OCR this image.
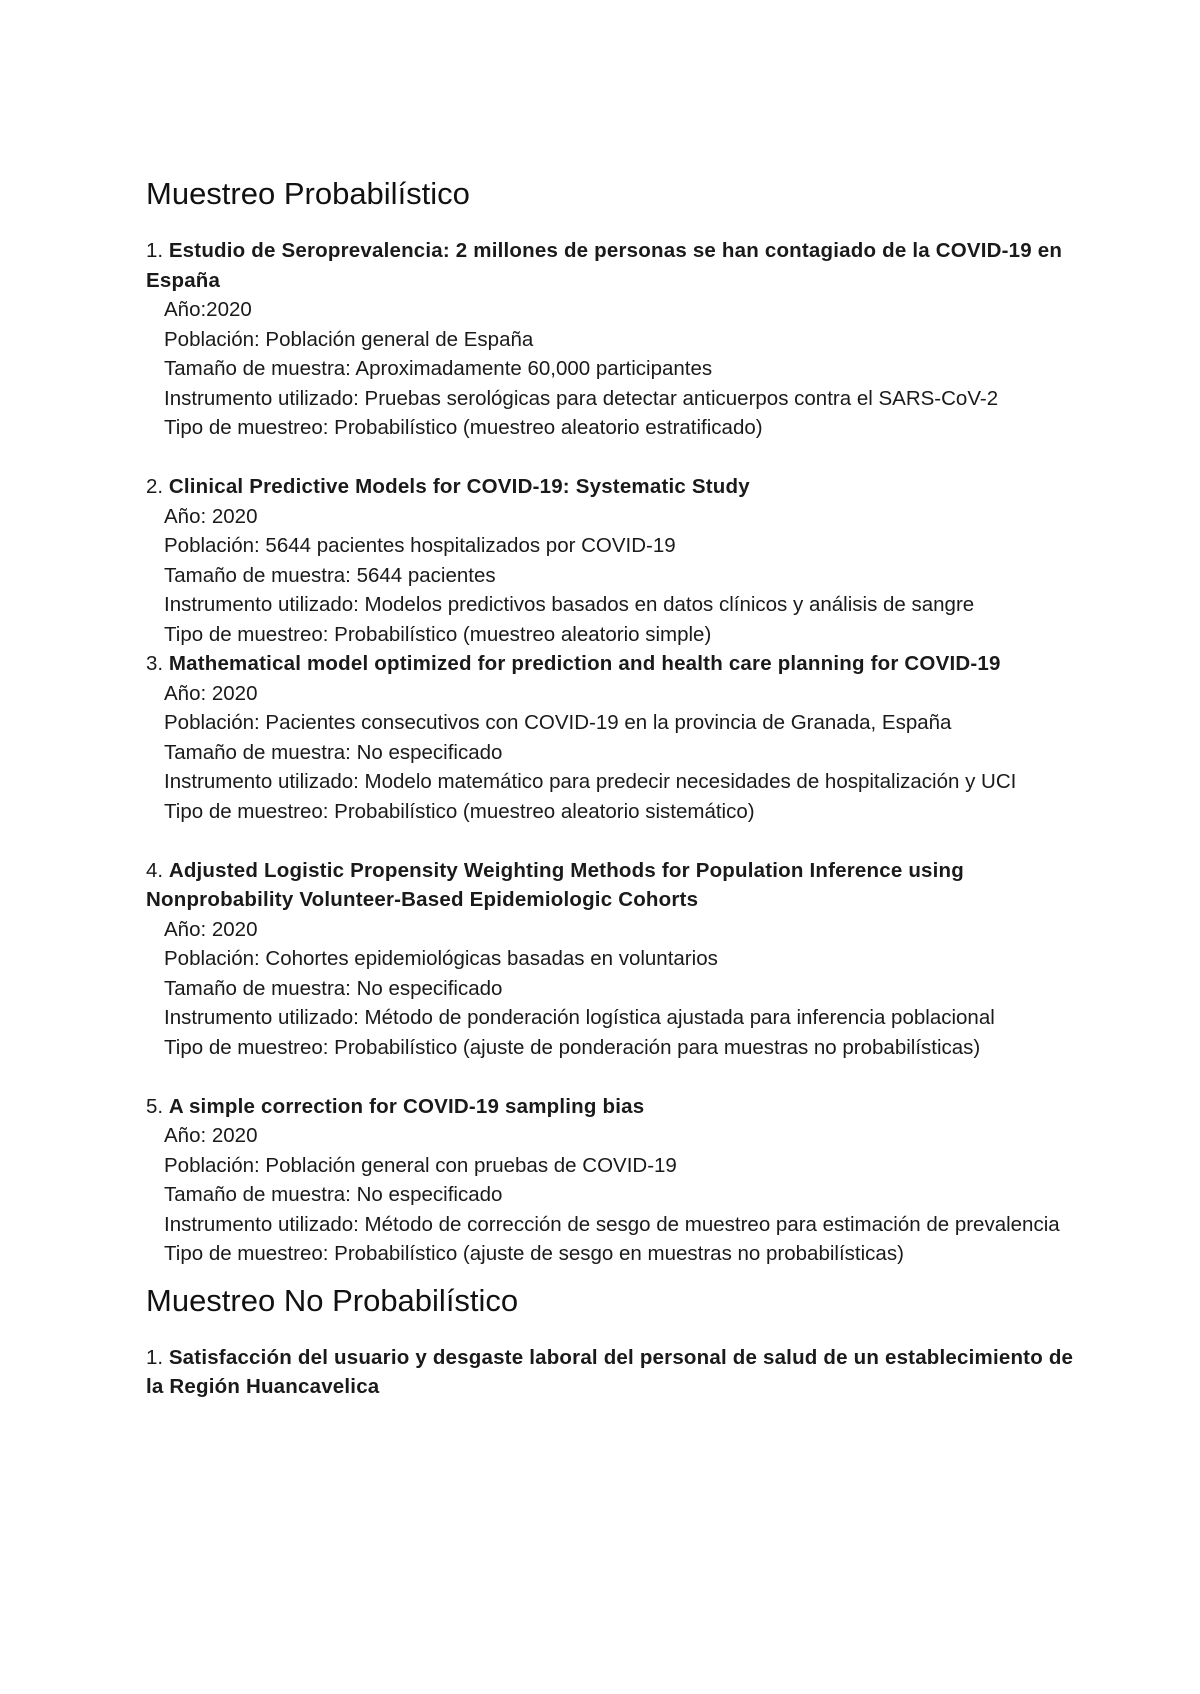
Muestreo Probabilístico

1. Estudio de Seroprevalencia: 2 millones de personas se han contagiado de la COVID-19 en España

Año:2020

Población: Población general de España

Tamaño de muestra: Aproximadamente 60,000 participantes

Instrumento utilizado: Pruebas serológicas para detectar anticuerpos contra el SARS-CoV-2

Tipo de muestreo: Probabilístico (muestreo aleatorio estratificado)

2. Clinical Predictive Models for COVID-19: Systematic Study

Año: 2020

Población: 5644 pacientes hospitalizados por COVID-19

Tamaño de muestra: 5644 pacientes

Instrumento utilizado: Modelos predictivos basados en datos clínicos y análisis de sangre

Tipo de muestreo: Probabilístico (muestreo aleatorio simple)

3. Mathematical model optimized for prediction and health care planning for COVID-19

Año: 2020

Población: Pacientes consecutivos con COVID-19 en la provincia de Granada, España

Tamaño de muestra: No especificado

Instrumento utilizado: Modelo matemático para predecir necesidades de hospitalización y UCI

Tipo de muestreo: Probabilístico (muestreo aleatorio sistemático)

4. Adjusted Logistic Propensity Weighting Methods for Population Inference using Nonprobability Volunteer-Based Epidemiologic Cohorts

Año: 2020

Población: Cohortes epidemiológicas basadas en voluntarios

Tamaño de muestra: No especificado

Instrumento utilizado: Método de ponderación logística ajustada para inferencia poblacional

Tipo de muestreo: Probabilístico (ajuste de ponderación para muestras no probabilísticas)

5. A simple correction for COVID-19 sampling bias

Año: 2020

Población: Población general con pruebas de COVID-19

Tamaño de muestra: No especificado

Instrumento utilizado: Método de corrección de sesgo de muestreo para estimación de prevalencia

Tipo de muestreo: Probabilístico (ajuste de sesgo en muestras no probabilísticas)

Muestreo No Probabilístico

1. Satisfacción del usuario y desgaste laboral del personal de salud de un establecimiento de la Región Huancavelica
